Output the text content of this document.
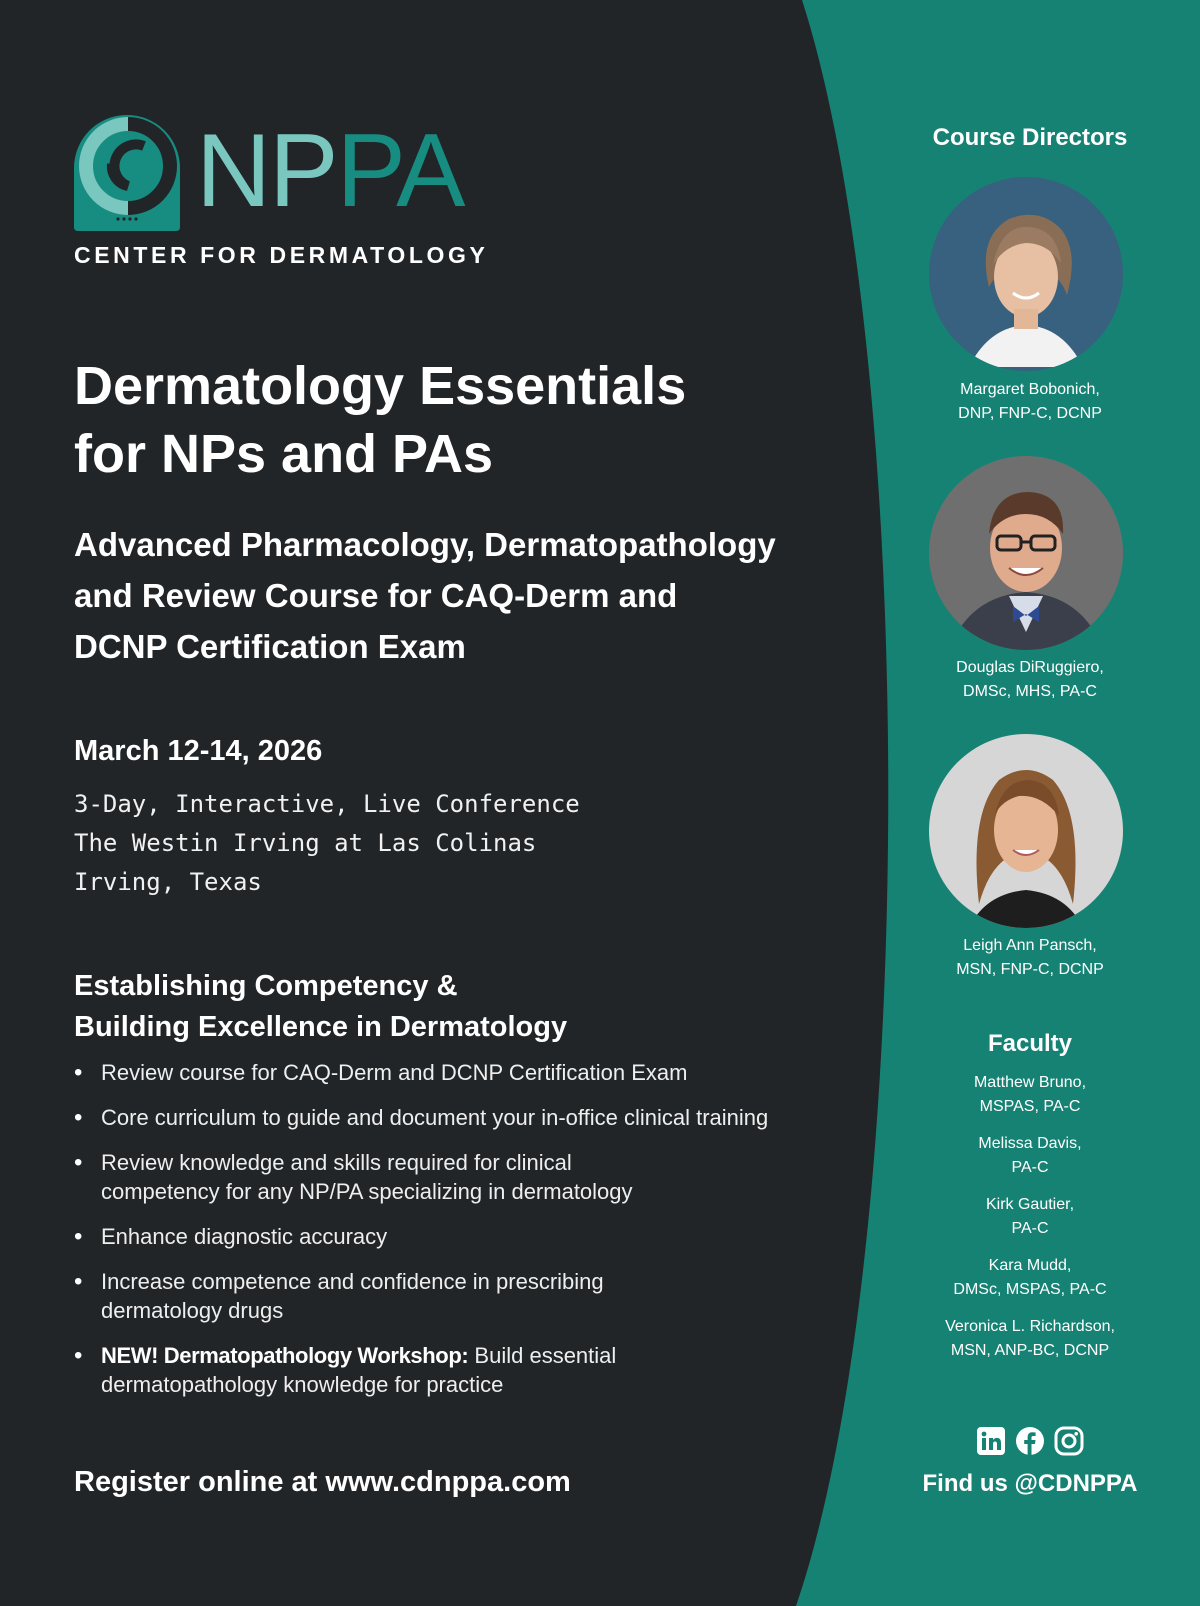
NPPA
CENTER FOR DERMATOLOGY
Dermatology Essentials
for NPs and PAs
Advanced Pharmacology, Dermatopathology
and Review Course for CAQ-Derm and
DCNP Certification Exam
March 12-14, 2026
3-Day, Interactive, Live Conference
The Westin Irving at Las Colinas
Irving, Texas
Establishing Competency &
Building Excellence in Dermatology
• Review course for CAQ-Derm and DCNP Certification Exam
• Core curriculum to guide and document your in-office clinical training
• Review knowledge and skills required for clinical
competency for any NP/PA specializing in dermatology
• Enhance diagnostic accuracy
• Increase competence and confidence in prescribing
dermatology drugs
• NEW! Dermatopathology Workshop: Build essential
dermatopathology knowledge for practice
Register online at www.cdnppa.com
Course Directors
Margaret Bobonich,
DNP, FNP-C, DCNP
Douglas DiRuggiero,
DMSc, MHS, PA-C
Leigh Ann Pansch,
MSN, FNP-C, DCNP
Faculty
Matthew Bruno,
MSPAS, PA-C
Melissa Davis,
PA-C
Kirk Gautier,
PA-C
Kara Mudd,
DMSc, MSPAS, PA-C
Veronica L. Richardson,
MSN, ANP-BC, DCNP
Find us @CDNPPA
